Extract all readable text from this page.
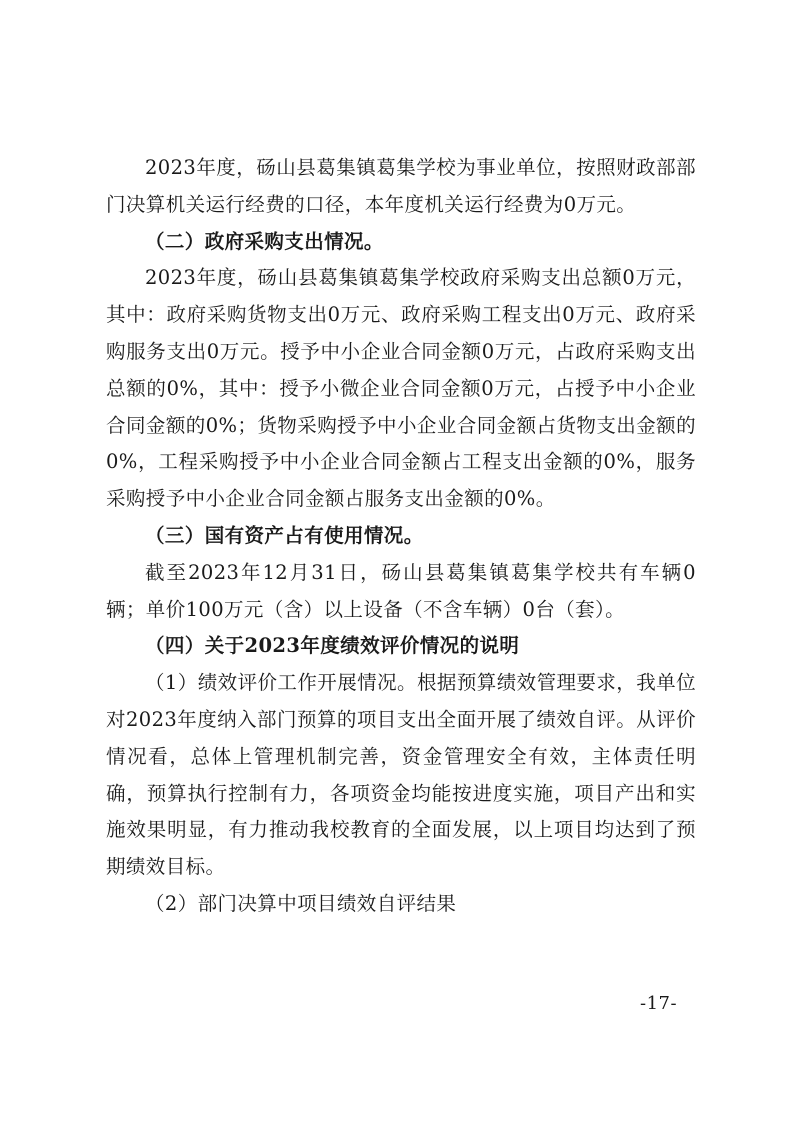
2023年度，砀山县葛集镇葛集学校为事业单位，按照财政部部门决算机关运行经费的口径，本年度机关运行经费为0万元。

（二）政府采购支出情况。

2023年度，砀山县葛集镇葛集学校政府采购支出总额0万元，其中：政府采购货物支出0万元、政府采购工程支出0万元、政府采购服务支出0万元。授予中小企业合同金额0万元，占政府采购支出总额的0%，其中：授予小微企业合同金额0万元，占授予中小企业合同金额的0%；货物采购授予中小企业合同金额占货物支出金额的0%，工程采购授予中小企业合同金额占工程支出金额的0%，服务采购授予中小企业合同金额占服务支出金额的0%。

（三）国有资产占有使用情况。

截至2023年12月31日，砀山县葛集镇葛集学校共有车辆0辆；单价100万元（含）以上设备（不含车辆）0台（套）。

（四）关于2023年度绩效评价情况的说明

（1）绩效评价工作开展情况。根据预算绩效管理要求，我单位对2023年度纳入部门预算的项目支出全面开展了绩效自评。从评价情况看，总体上管理机制完善，资金管理安全有效，主体责任明确，预算执行控制有力，各项资金均能按进度实施，项目产出和实施效果明显，有力推动我校教育的全面发展，以上项目均达到了预期绩效目标。

（2）部门决算中项目绩效自评结果

-17-
